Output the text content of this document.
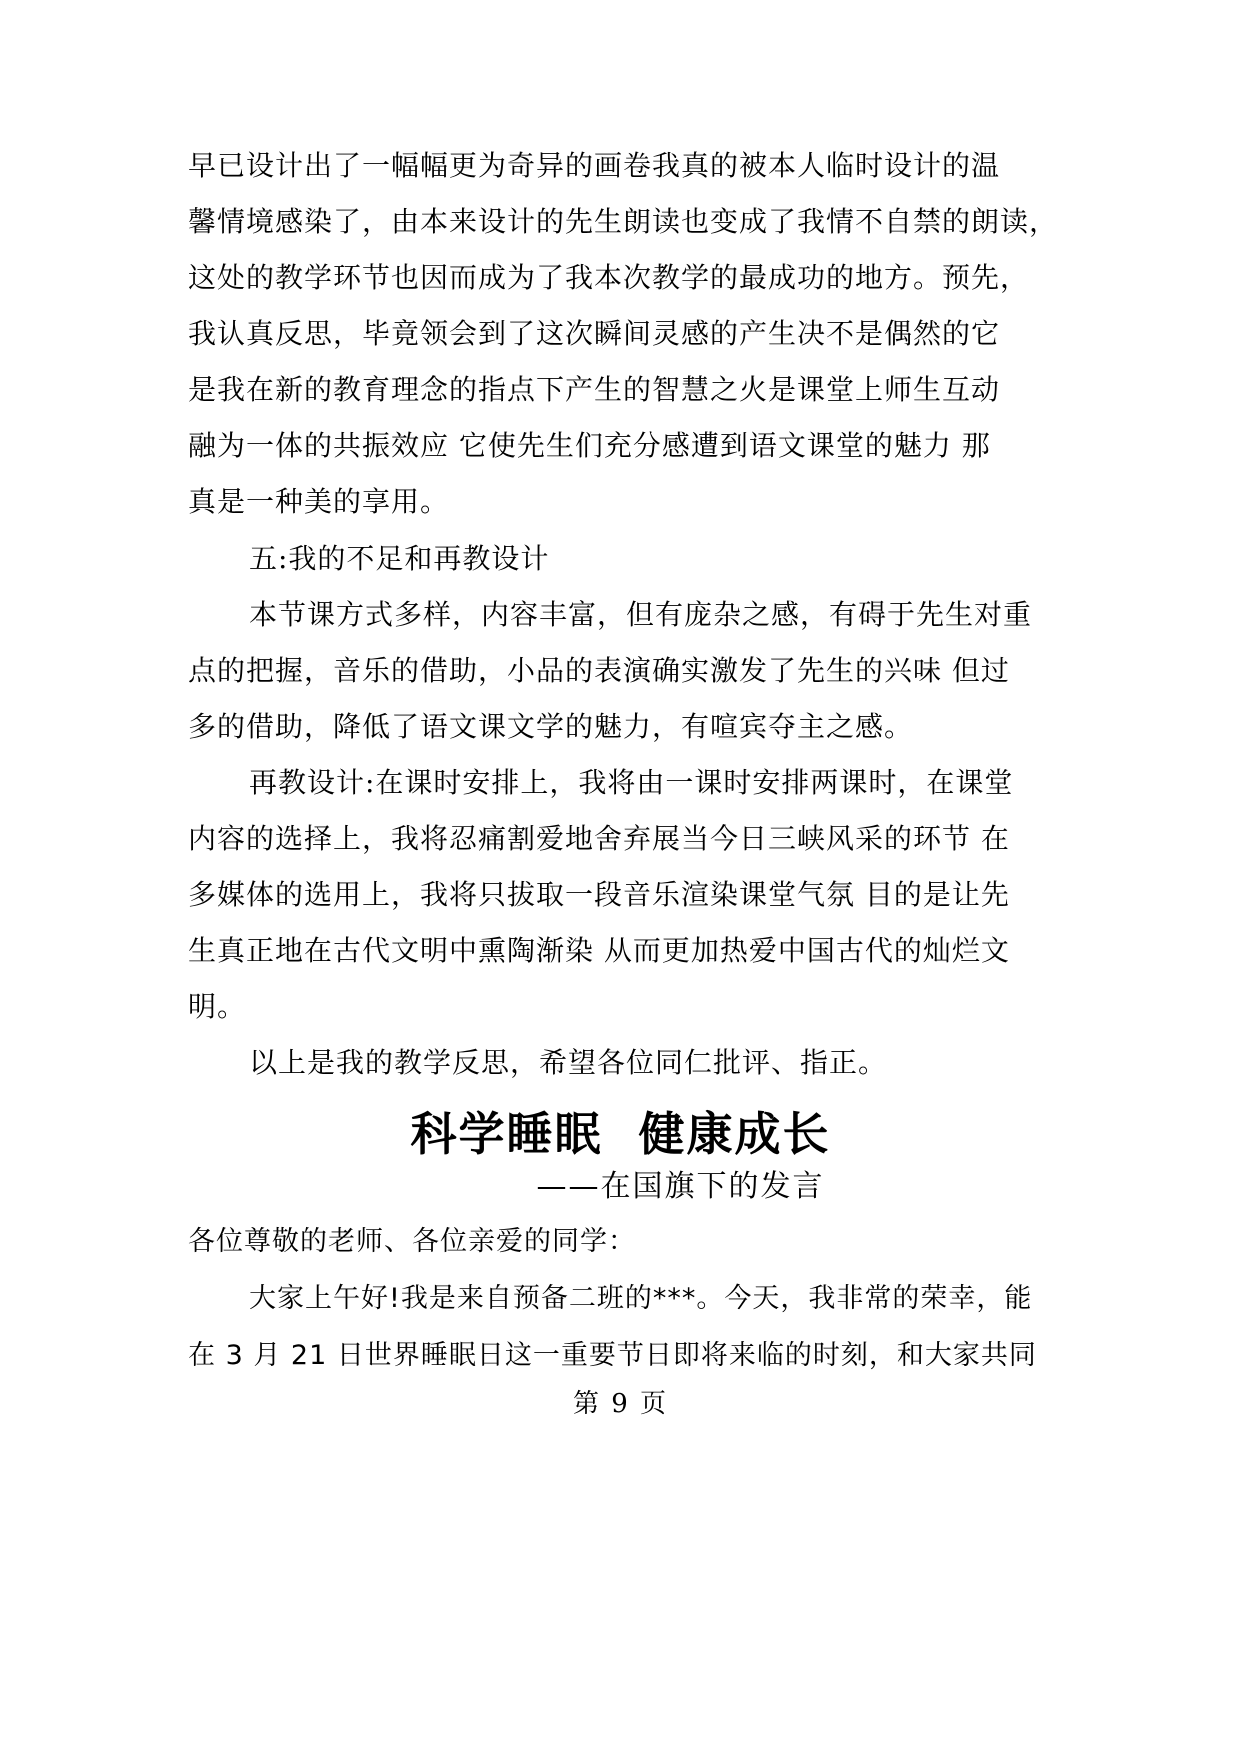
早已设计出了一幅幅更为奇异的画卷我真的被本人临时设计的温
馨情境感染了，由本来设计的先生朗读也变成了我情不自禁的朗读，
这处的教学环节也因而成为了我本次教学的最成功的地方。预先，
我认真反思，毕竟领会到了这次瞬间灵感的产生决不是偶然的它
是我在新的教育理念的指点下产生的智慧之火是课堂上师生互动
融为一体的共振效应 它使先生们充分感遭到语文课堂的魅力 那
真是一种美的享用。
五:我的不足和再教设计
本节课方式多样，内容丰富，但有庞杂之感，有碍于先生对重
点的把握，音乐的借助，小品的表演确实激发了先生的兴味 但过
多的借助，降低了语文课文学的魅力，有喧宾夺主之感。
再教设计:在课时安排上，我将由一课时安排两课时，在课堂
内容的选择上，我将忍痛割爱地舍弃展当今日三峡风采的环节 在
多媒体的选用上，我将只拔取一段音乐渲染课堂气氛 目的是让先
生真正地在古代文明中熏陶渐染 从而更加热爱中国古代的灿烂文
明。
以上是我的教学反思，希望各位同仁批评、指正。
科学睡眠  健康成长
——在国旗下的发言
各位尊敬的老师、各位亲爱的同学：
大家上午好!我是来自预备二班的***。今天，我非常的荣幸，能
在 3 月 21 日世界睡眠日这一重要节日即将来临的时刻，和大家共同
第 9 页
